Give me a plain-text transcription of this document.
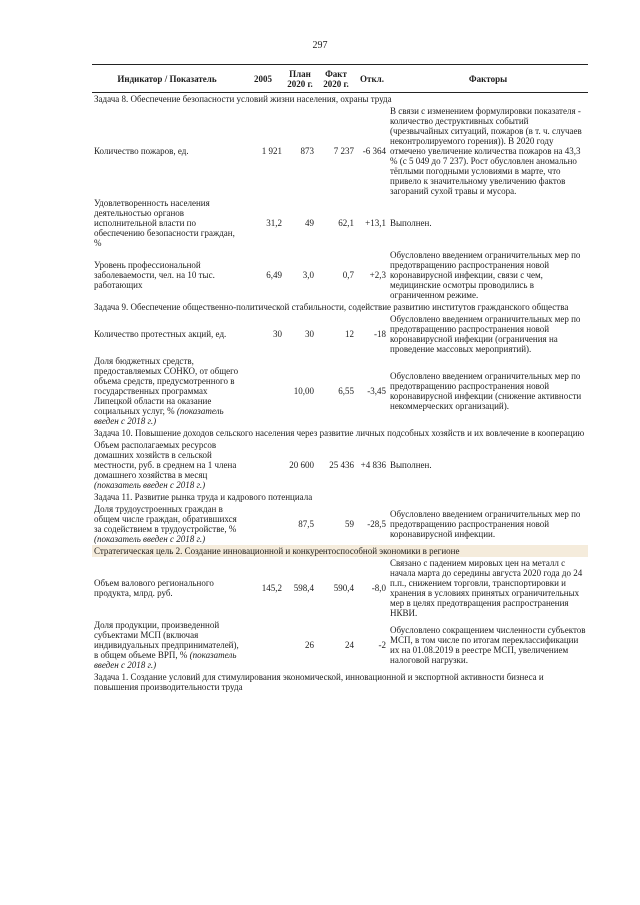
297
Индикатор / Показатель	2005	План 2020 г.	Факт 2020 г.	Откл.	Факторы
Задача 8. Обеспечение безопасности условий жизни населения, охраны труда					
Количество пожаров, ед.	1 921	873	7 237	-6 364	В связи с изменением формулировки показателя - количество деструктивных событий (чрезвычайных ситуаций, пожаров (в т. ч. случаев неконтролируемого горения)). В 2020 году отмечено увеличение количества пожаров на 43,3 % (с 5 049 до 7 237). Рост обусловлен аномально тёплыми погодными условиями в марте, что привело к значительному увеличению фактов загораний сухой травы и мусора.
Удовлетворенность населения деятельностью органов исполнительной власти по обеспечению безопасности граждан, %	31,2	49	62,1	+13,1	Выполнен.
Уровень профессиональной заболеваемости, чел. на 10 тыс. работающих	6,49	3,0	0,7	+2,3	Обусловлено введением ограничительных мер по предотвращению распространения новой коронавирусной инфекции, связи с чем, медицинские осмотры проводились в ограниченном режиме.
Задача 9. Обеспечение общественно-политической стабильности, содействие развитию институтов гражданского общества					
Количество протестных акций, ед.	30	30	12	-18	Обусловлено введением ограничительных мер по предотвращению распространения новой коронавирусной инфекции (ограничения на проведение массовых мероприятий).
Доля бюджетных средств, предоставляемых СОНКО, от общего объема средств, предусмотренного в государственных программах Липецкой области на оказание социальных услуг, % (показатель введен с 2018 г.)		10,00	6,55	-3,45	Обусловлено введением ограничительных мер по предотвращению распространения новой коронавирусной инфекции (снижение активности некоммерческих организаций).
Задача 10. Повышение доходов сельского населения через развитие личных подсобных хозяйств и их вовлечение в кооперацию					
Объем располагаемых ресурсов домашних хозяйств в сельской местности, руб. в среднем на 1 члена домашнего хозяйства в месяц (показатель введен с 2018 г.)		20 600	25 436	+4 836	Выполнен.
Задача 11. Развитие рынка труда и кадрового потенциала					
Доля трудоустроенных граждан в общем числе граждан, обратившихся за содействием в трудоустройстве, % (показатель введен с 2018 г.)		87,5	59	-28,5	Обусловлено введением ограничительных мер по предотвращению распространения новой коронавирусной инфекции.
Стратегическая цель 2. Создание инновационной и конкурентоспособной экономики в регионе					
Объем валового регионального продукта, млрд. руб.	145,2	598,4	590,4	-8,0	Связано с падением мировых цен на металл с начала марта до середины августа 2020 года до 24 п.п., снижением торговли, транспортировки и хранения в условиях принятых ограничительных мер в целях предотвращения распространения НКВИ.
Доля продукции, произведенной субъектами МСП (включая индивидуальных предпринимателей), в общем объеме ВРП, % (показатель введен с 2018 г.)		26	24	-2	Обусловлено сокращением численности субъектов МСП, в том числе по итогам переклассификации их на 01.08.2019 в реестре МСП, увеличением налоговой нагрузки.
Задача 1. Создание условий для стимулирования экономической, инновационной и экспортной активности бизнеса и повышения производительности труда					
